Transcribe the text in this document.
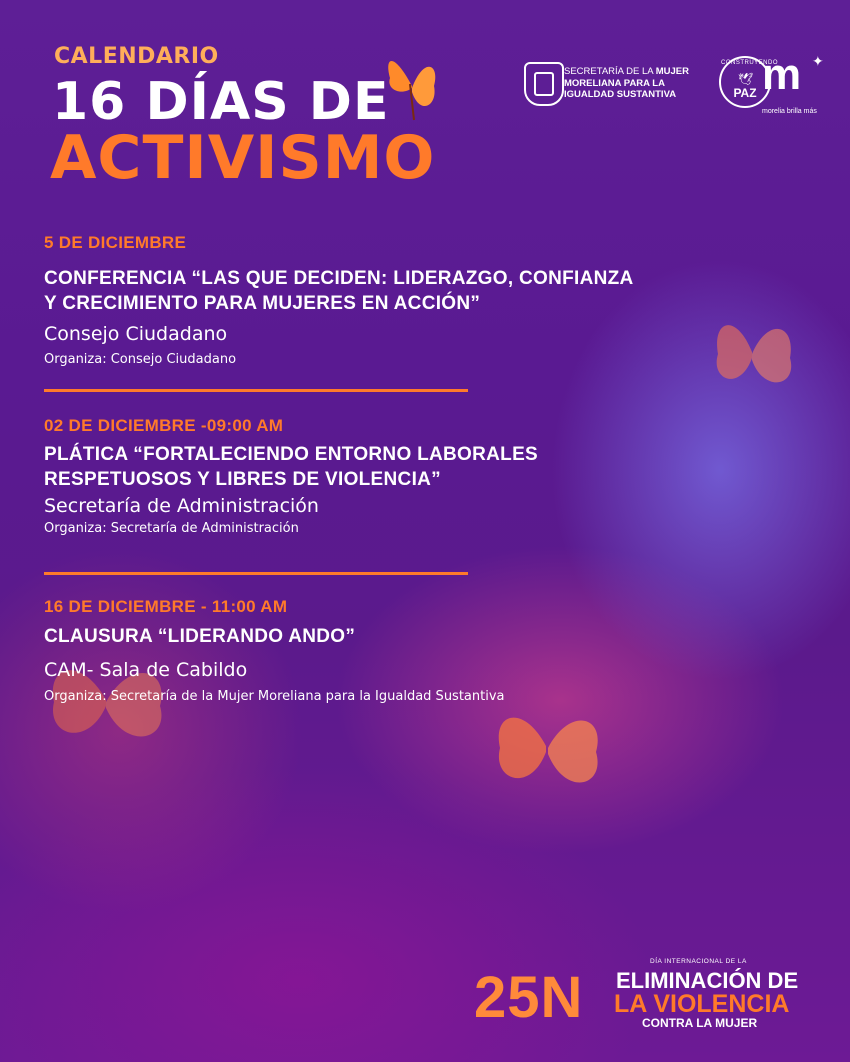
CALENDARIO
16 DÍAS DE
ACTIVISMO
SECRETARÍA DE LA MUJER
MORELIANA PARA LA
IGUALDAD SUSTANTIVA
CONSTRUYENDO
🕊
PAZ m ✦
morelia brilla más
5 DE DICIEMBRE
CONFERENCIA “LAS QUE DECIDEN: LIDERAZGO, CONFIANZA
Y CRECIMIENTO PARA MUJERES EN ACCIÓN”
Consejo Ciudadano
Organiza: Consejo Ciudadano
02 DE DICIEMBRE -09:00 AM
PLÁTICA “FORTALECIENDO ENTORNO LABORALES
RESPETUOSOS Y LIBRES DE VIOLENCIA”
Secretaría de Administración
Organiza: Secretaría de Administración
16 DE DICIEMBRE - 11:00 AM
CLAUSURA “LIDERANDO ANDO”
CAM- Sala de Cabildo
Organiza: Secretaría de la Mujer Moreliana para la Igualdad Sustantiva
25N
DÍA INTERNACIONAL DE LA
ELIMINACIÓN DE
LA VIOLENCIA
CONTRA LA MUJER
